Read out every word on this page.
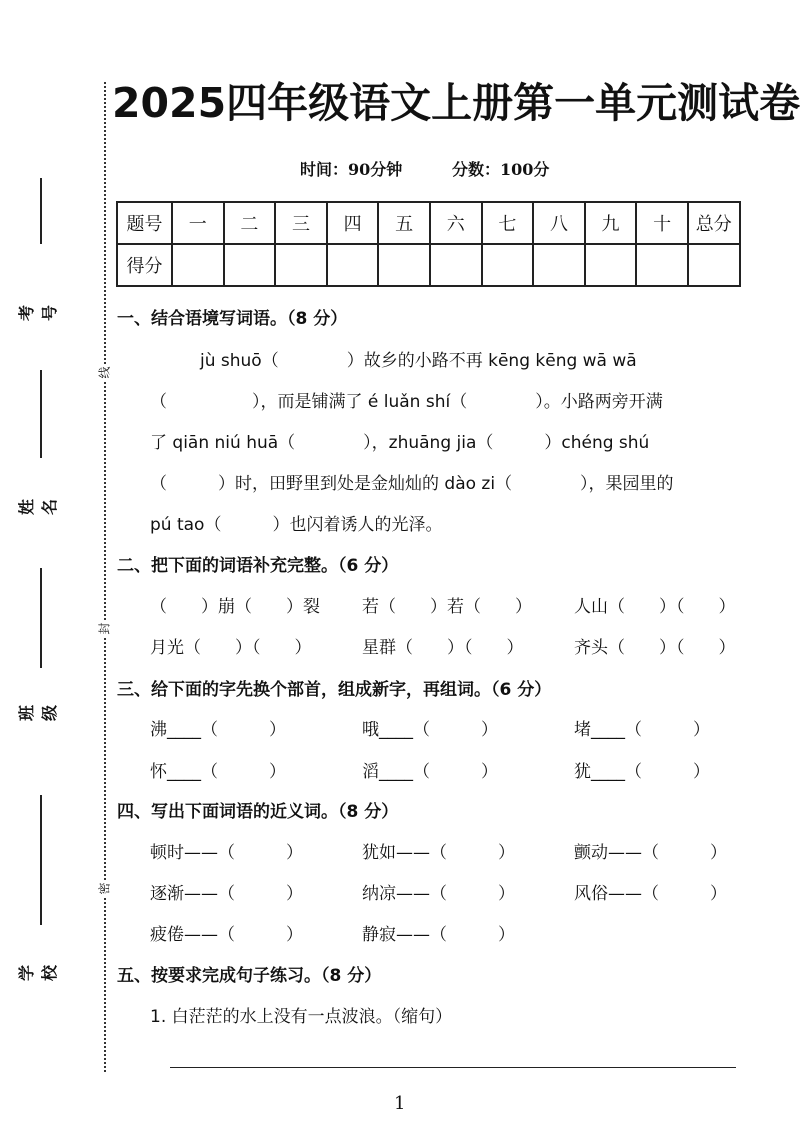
考号
姓名
班级
学校
线
封
密
2025四年级语文上册第一单元测试卷
时间：90分钟	分数：100分
题号	一	二	三	四	五	六	七	八	九	十	总分
得分											
一、结合语境写词语。（8 分）
jù shuō（　　　　）故乡的小路不再 kēng kēng wā wā
（　　　　　），而是铺满了 é luǎn shí（　　　　）。小路两旁开满
了 qiān niú huā（　　　　），zhuāng jia（　　　）chéng shú
（　　　）时，田野里到处是金灿灿的 dào zi（　　　　），果园里的
pú tao（　　　）也闪着诱人的光泽。
二、把下面的词语补充完整。（6 分）
（　　）崩（　　）裂 若（　　）若（　　） 人山（　　）（　　）
月光（　　）（　　）	星群（　　）（　　）	齐头（　　）（　　）
三、给下面的字先换个部首，组成新字，再组词。（6 分）
沸____（　　　）	哦____（　　　）	堵____（　　　）
怀____（　　　）	滔____（　　　）	犹____（　　　）
四、写出下面词语的近义词。（8 分）
顿时——（　　　）	犹如——（　　　）	颤动——（　　　）
逐渐——（　　　）	纳凉——（　　　）	风俗——（　　　）
疲倦——（　　　）	静寂——（　　　）
五、按要求完成句子练习。（8 分）
1. 白茫茫的水上没有一点波浪。（缩句）
1
